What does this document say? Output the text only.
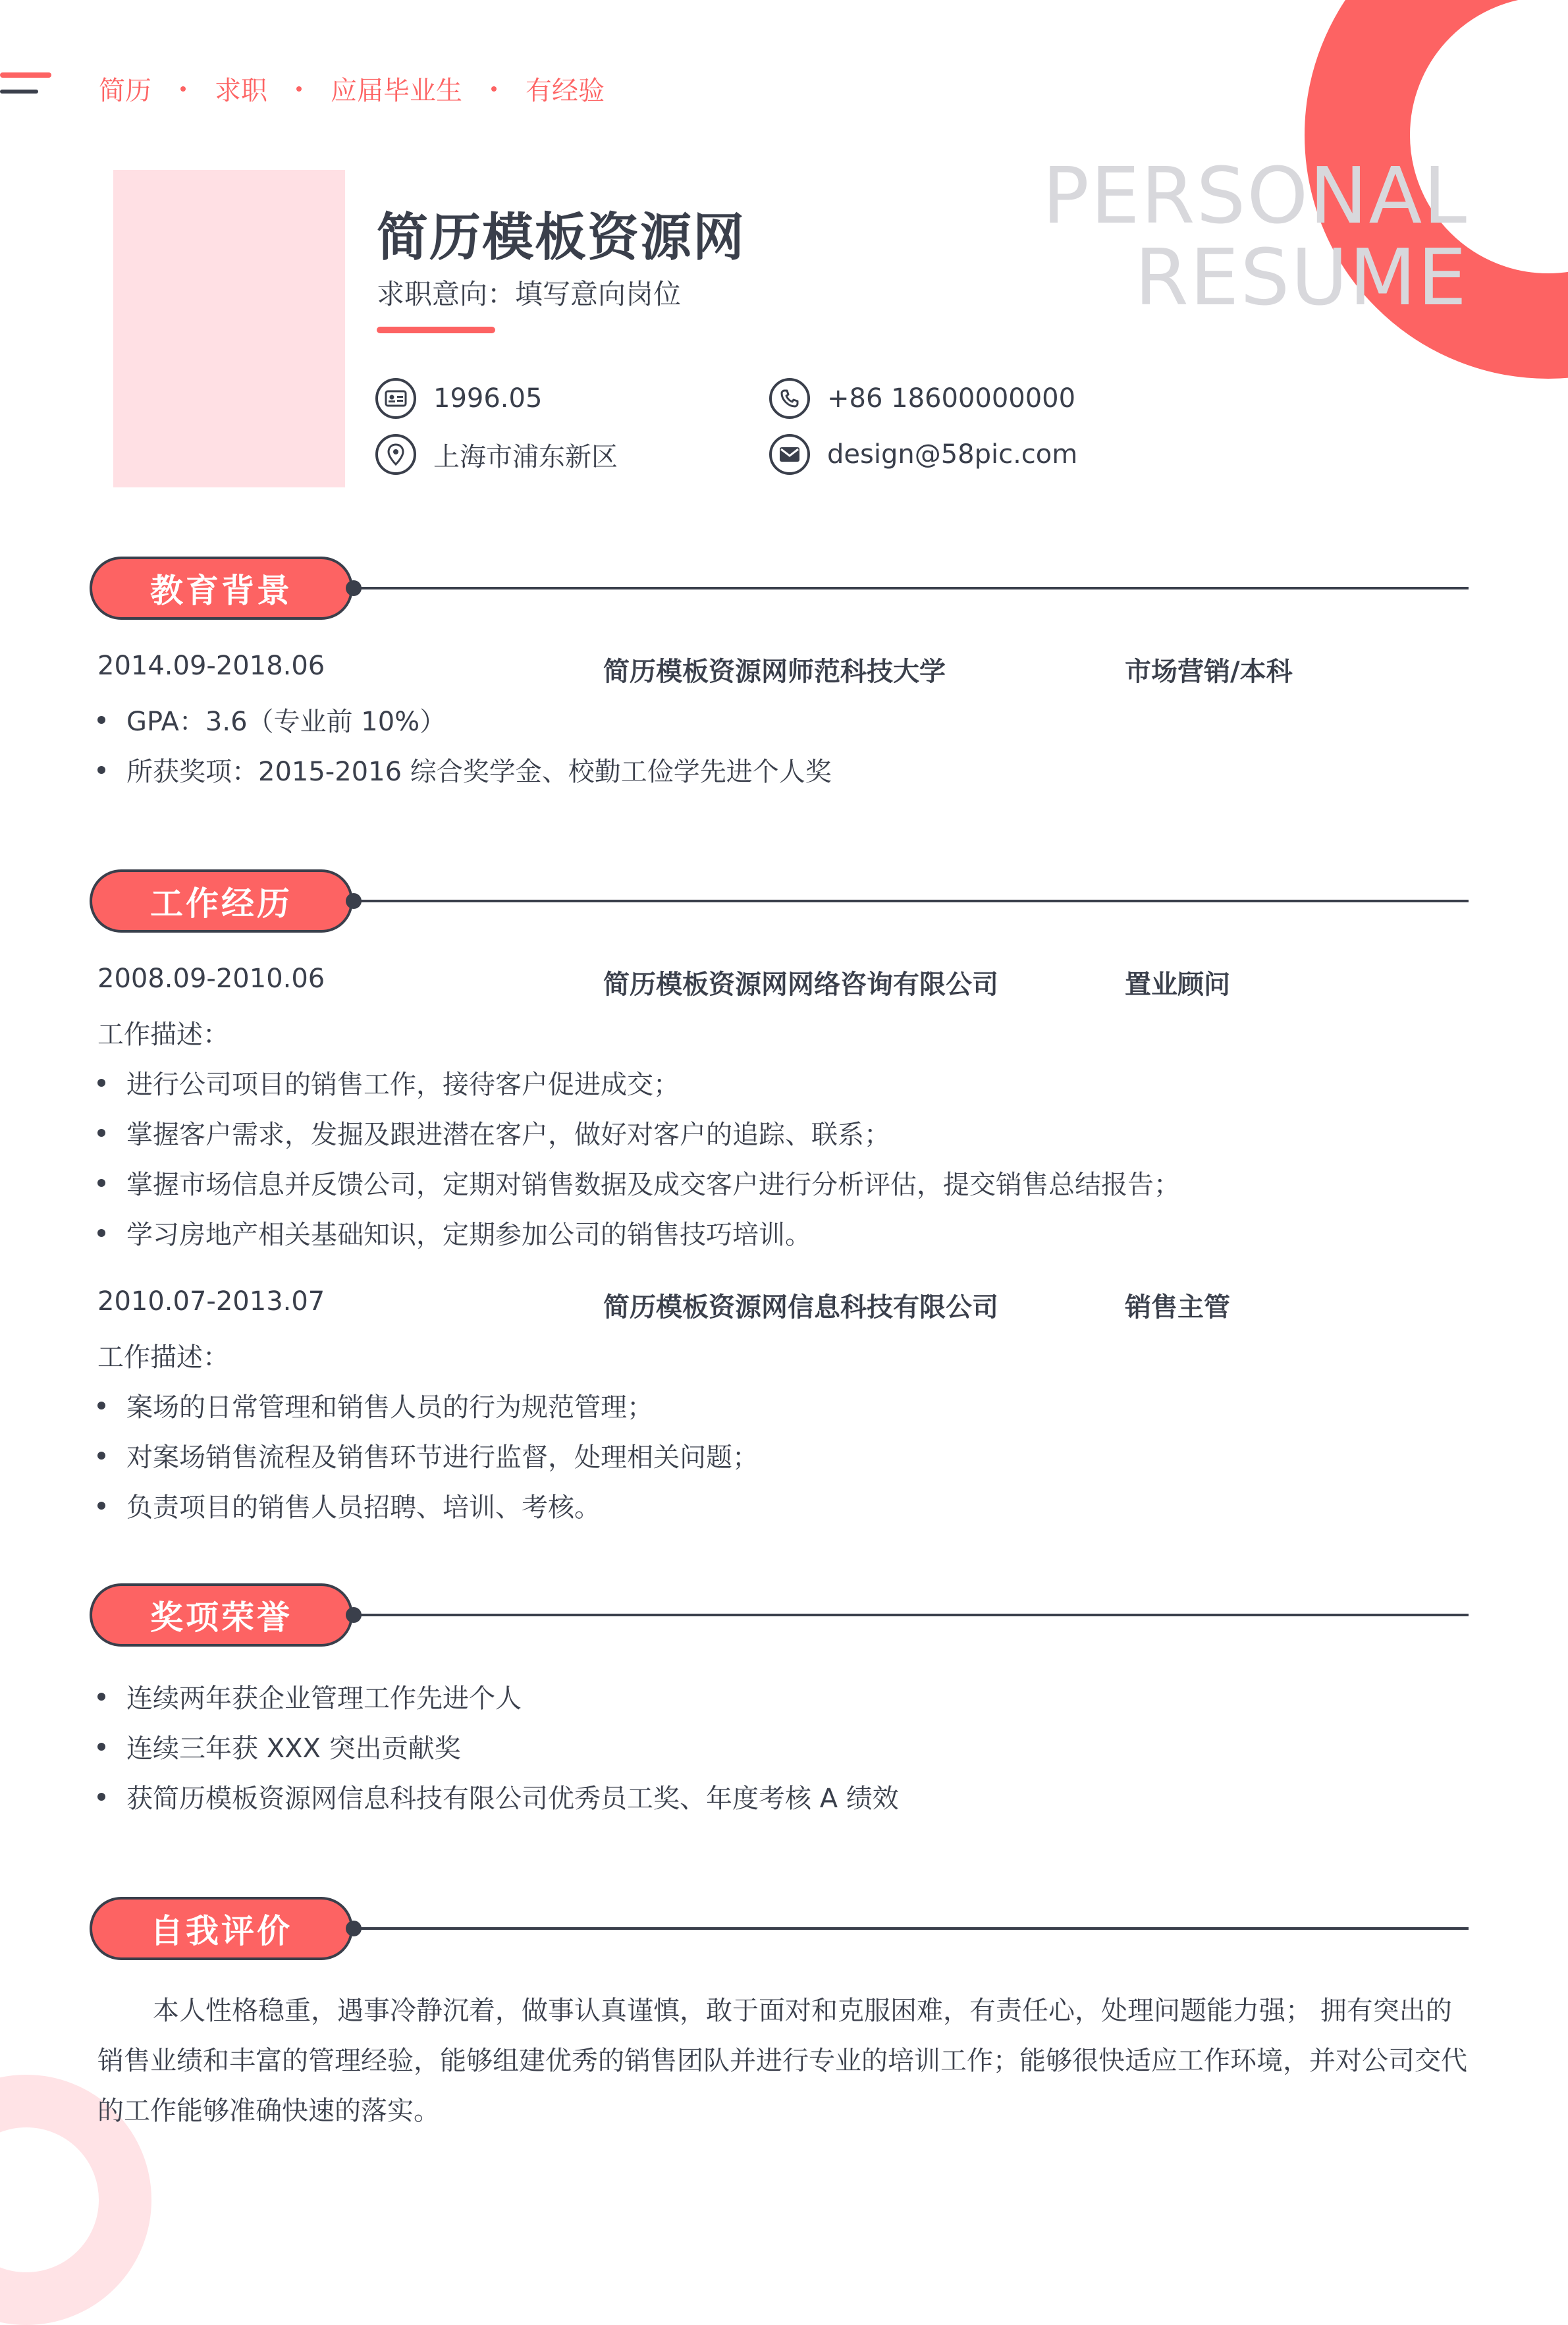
简历 求职 应届毕业生 有经验
简历模板资源网
求职意向：填写意向岗位
PERSONAL
RESUME
1996.05
上海市浦东新区
+86 18600000000
design@58pic.com
教育背景
2014.09-2018.06	简历模板资源网师范科技大学	市场营销/本科
GPA：3.6（专业前 10%）
所获奖项：2015-2016 综合奖学金、校勤工俭学先进个人奖
工作经历
2008.09-2010.06	简历模板资源网网络咨询有限公司	置业顾问
工作描述：
进行公司项目的销售工作，接待客户促进成交；
掌握客户需求，发掘及跟进潜在客户，做好对客户的追踪、联系；
掌握市场信息并反馈公司，定期对销售数据及成交客户进行分析评估，提交销售总结报告；
学习房地产相关基础知识，定期参加公司的销售技巧培训。
2010.07-2013.07	简历模板资源网信息科技有限公司	销售主管
工作描述：
案场的日常管理和销售人员的行为规范管理；
对案场销售流程及销售环节进行监督，处理相关问题；
负责项目的销售人员招聘、培训、考核。
奖项荣誉
连续两年获企业管理工作先进个人
连续三年获 XXX 突出贡献奖
获简历模板资源网信息科技有限公司优秀员工奖、年度考核 A 绩效
自我评价
本人性格稳重，遇事冷静沉着，做事认真谨慎，敢于面对和克服困难，有责任心，处理问题能力强； 拥有突出的销售业绩和丰富的管理经验，能够组建优秀的销售团队并进行专业的培训工作；能够很快适应工作环境，并对公司交代的工作能够准确快速的落实。
